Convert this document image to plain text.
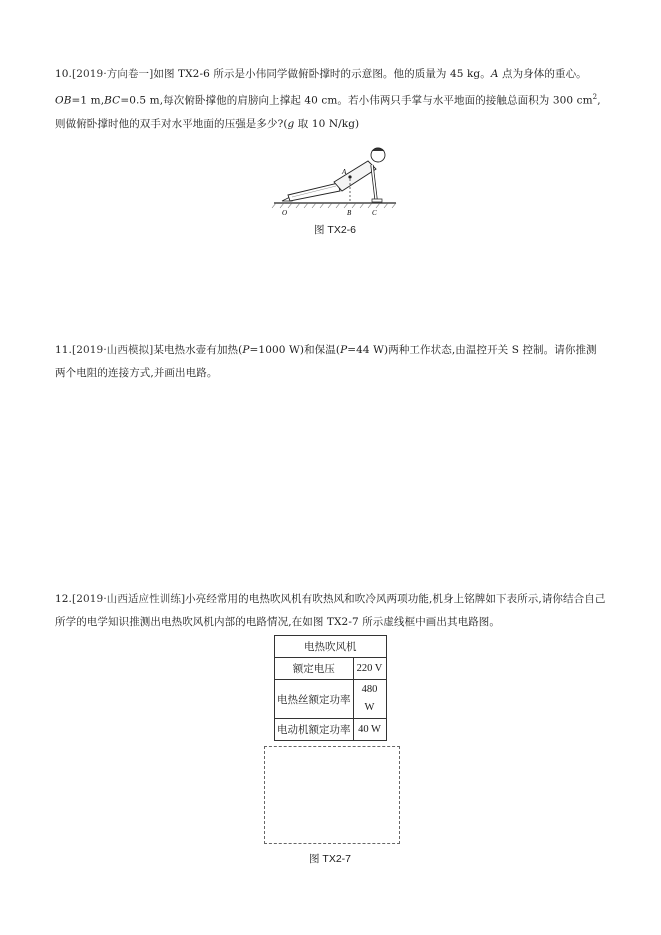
10.[2019·方向卷一]如图 TX2-6 所示是小伟同学做俯卧撑时的示意图。他的质量为 45 kg。A 点为身体的重心。
OB=1 m,BC=0.5 m,每次俯卧撑他的肩膀向上撑起 40 cm。若小伟两只手掌与水平地面的接触总面积为 300 $cm^2$,则做俯卧撑时他的双手对水平地面的压强是多少?(g 取 10 N/kg)
A
O	B	C
图 TX2-6
11.[2019·山西模拟]某电热水壶有加热(P=1000 W)和保温(P=44 W)两种工作状态,由温控开关 S 控制。请你推测两个电阻的连接方式,并画出电路。
12.[2019·山西适应性训练]小亮经常用的电热吹风机有吹热风和吹冷风两项功能,机身上铭牌如下表所示,请你结合自己所学的电学知识推测出电热吹风机内部的电路情况,在如图 TX2-7 所示虚线框中画出其电路图。
电热吹风机	
额定电压	220 V
电热丝额定功率	480 W
电动机额定功率	40 W
图 TX2-7
